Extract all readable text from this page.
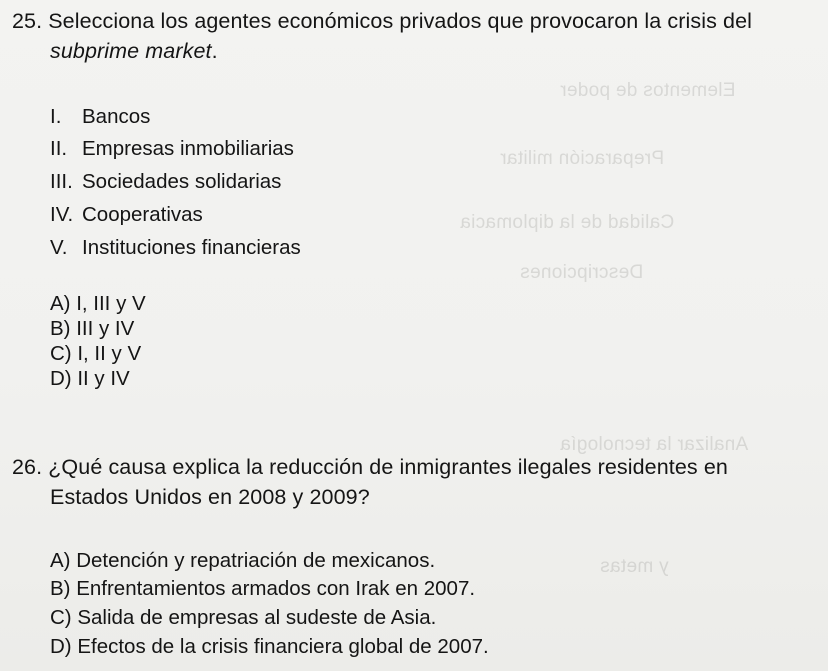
Elementos de poder
Preparación militar
Calidad de la diplomacia
Descripciones
Analizar la tecnología
y metas
25. Selecciona los agentes económicos privados que provocaron la crisis del
subprime market.
I. Bancos
II. Empresas inmobiliarias
III. Sociedades solidarias
IV. Cooperativas
V. Instituciones financieras
A) I, III y V
B) III y IV
C) I, II y V
D) II y IV
26. ¿Qué causa explica la reducción de inmigrantes ilegales residentes en
Estados Unidos en 2008 y 2009?
A) Detención y repatriación de mexicanos.
B) Enfrentamientos armados con Irak en 2007.
C) Salida de empresas al sudeste de Asia.
D) Efectos de la crisis financiera global de 2007.
